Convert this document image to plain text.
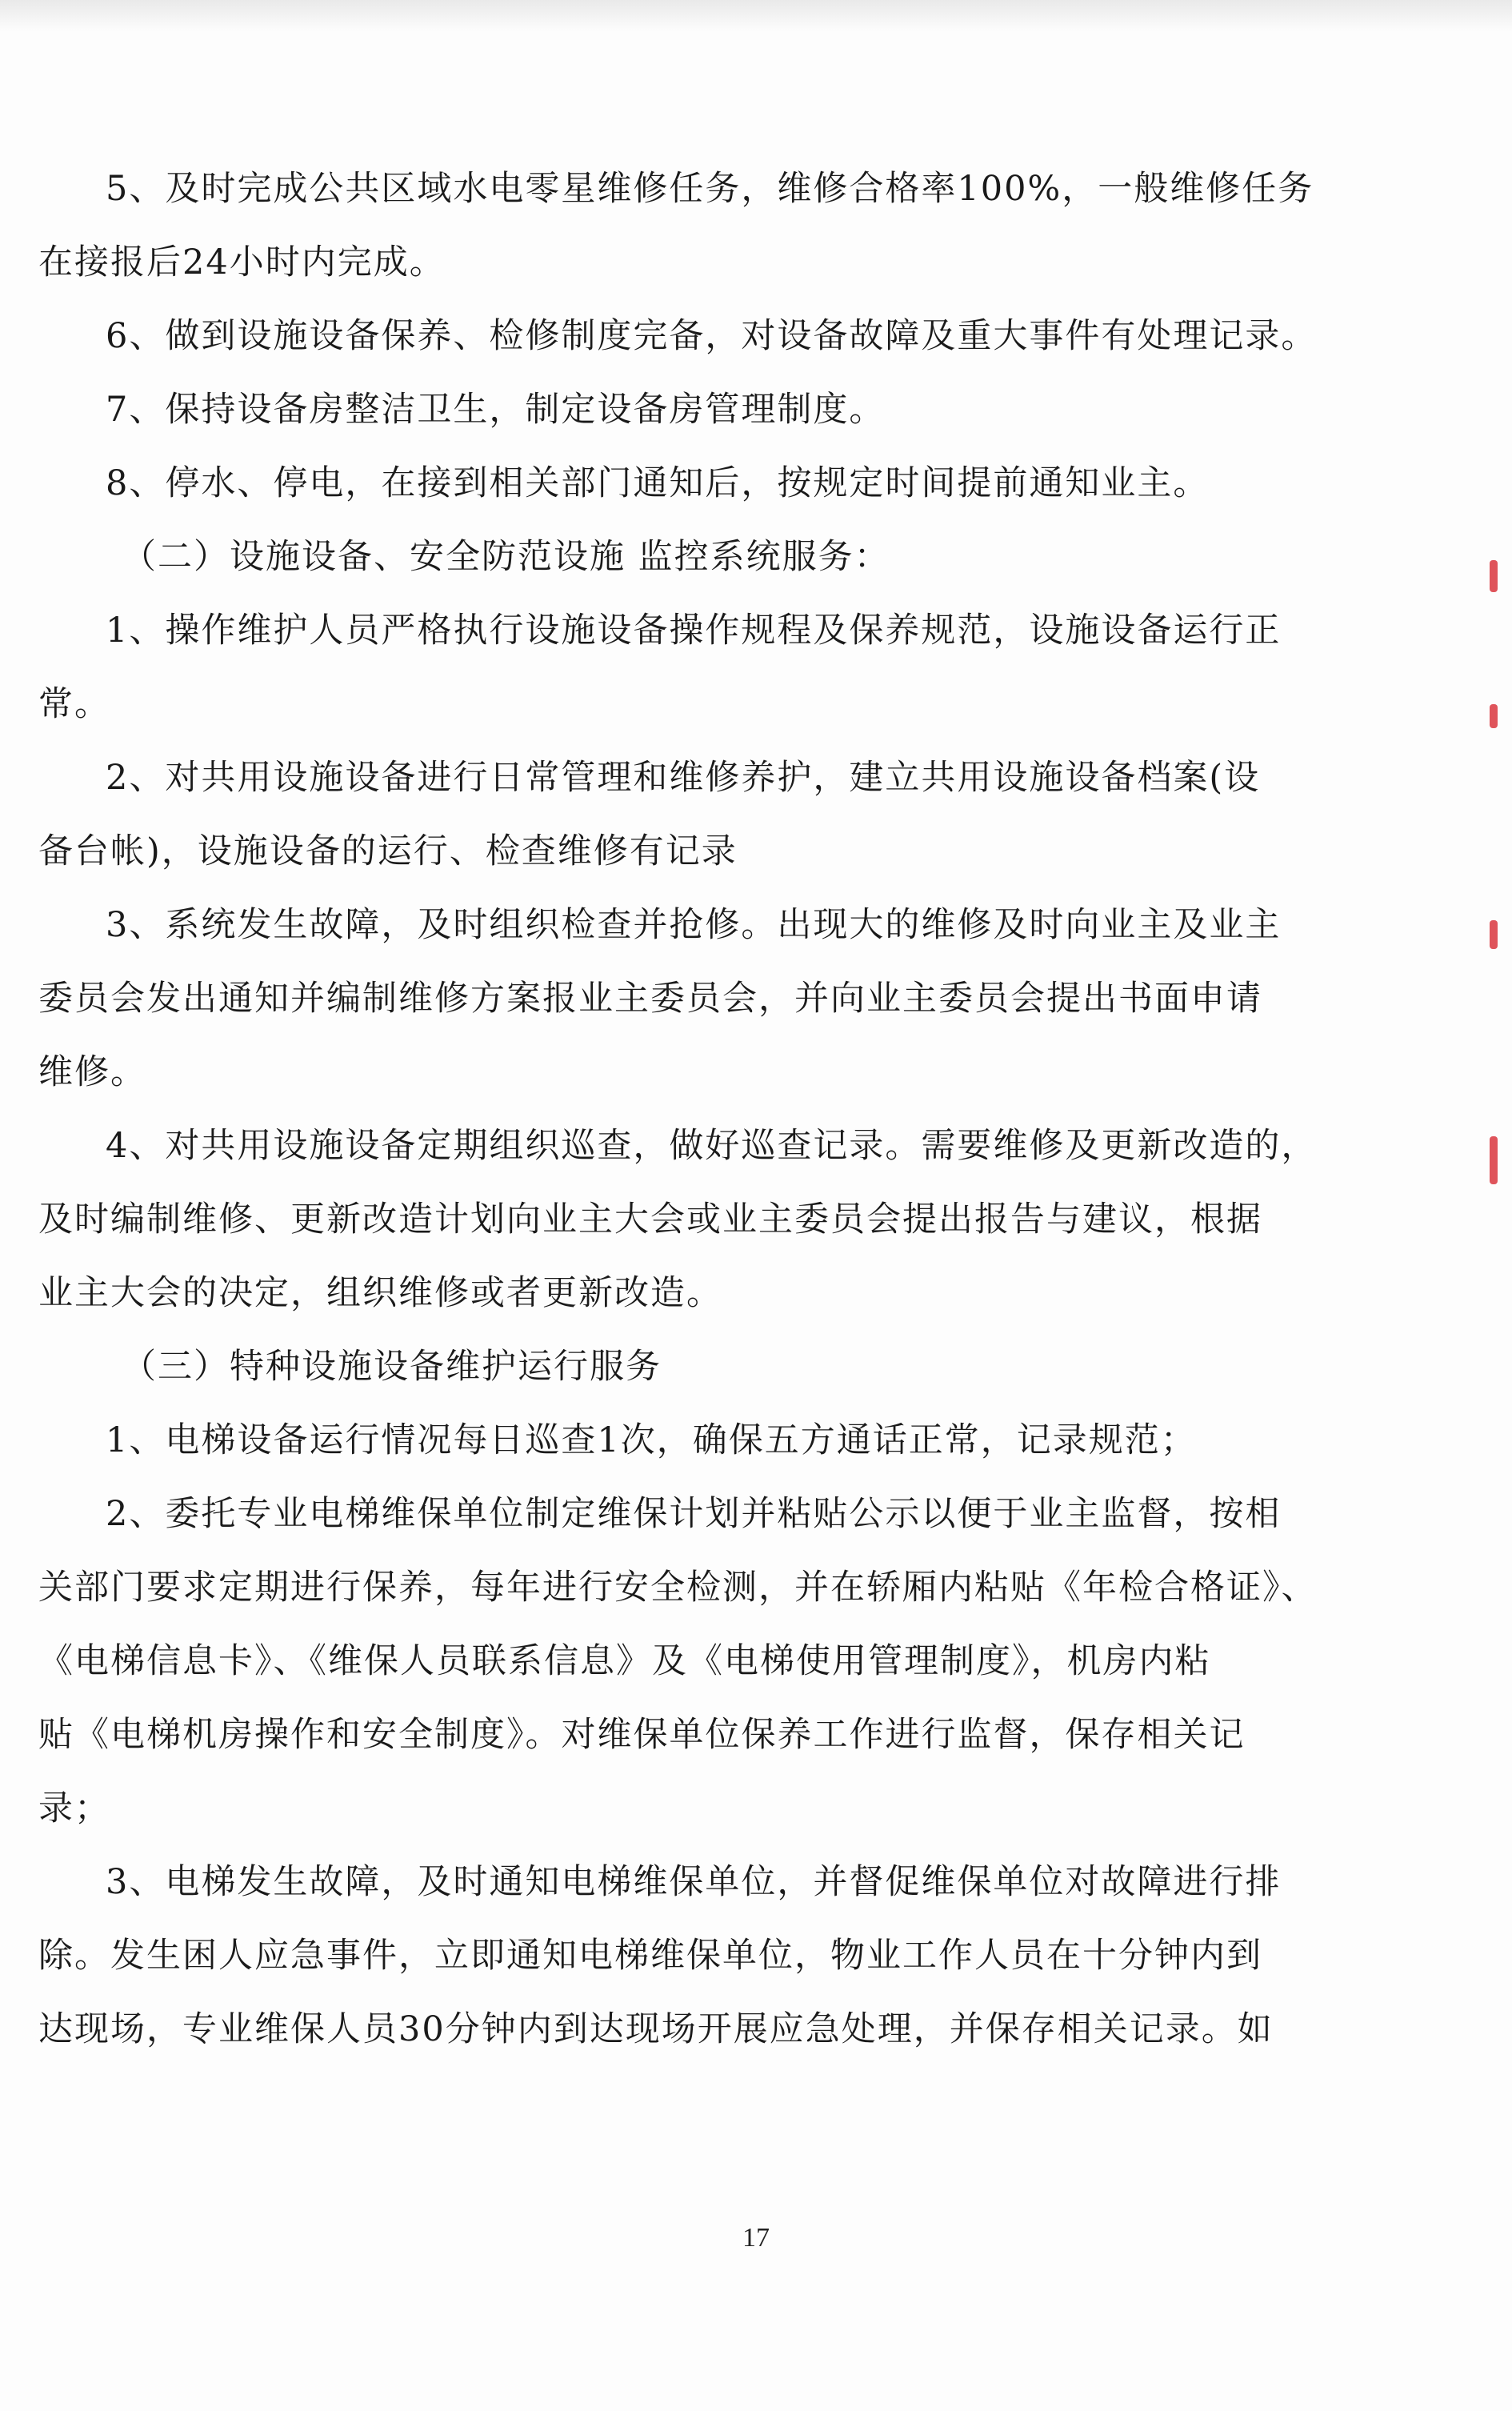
5、及时完成公共区域水电零星维修任务，维修合格率100%，一般维修任务
在接报后24小时内完成。
6、做到设施设备保养、检修制度完备，对设备故障及重大事件有处理记录。
7、保持设备房整洁卫生，制定设备房管理制度。
8、停水、停电，在接到相关部门通知后，按规定时间提前通知业主。
（二）设施设备、安全防范设施 监控系统服务：
1、操作维护人员严格执行设施设备操作规程及保养规范，设施设备运行正
常。
2、对共用设施设备进行日常管理和维修养护，建立共用设施设备档案(设
备台帐)，设施设备的运行、检查维修有记录
3、系统发生故障，及时组织检查并抢修。出现大的维修及时向业主及业主
委员会发出通知并编制维修方案报业主委员会，并向业主委员会提出书面申请
维修。
4、对共用设施设备定期组织巡查，做好巡查记录。需要维修及更新改造的，
及时编制维修、更新改造计划向业主大会或业主委员会提出报告与建议，根据
业主大会的决定，组织维修或者更新改造。
（三）特种设施设备维护运行服务
1、电梯设备运行情况每日巡查1次，确保五方通话正常，记录规范；
2、委托专业电梯维保单位制定维保计划并粘贴公示以便于业主监督，按相
关部门要求定期进行保养，每年进行安全检测，并在轿厢内粘贴《年检合格证》、
《电梯信息卡》、《维保人员联系信息》及《电梯使用管理制度》，机房内粘
贴《电梯机房操作和安全制度》。对维保单位保养工作进行监督，保存相关记
录；
3、电梯发生故障，及时通知电梯维保单位，并督促维保单位对故障进行排
除。发生困人应急事件，立即通知电梯维保单位，物业工作人员在十分钟内到
达现场，专业维保人员30分钟内到达现场开展应急处理，并保存相关记录。如
17
